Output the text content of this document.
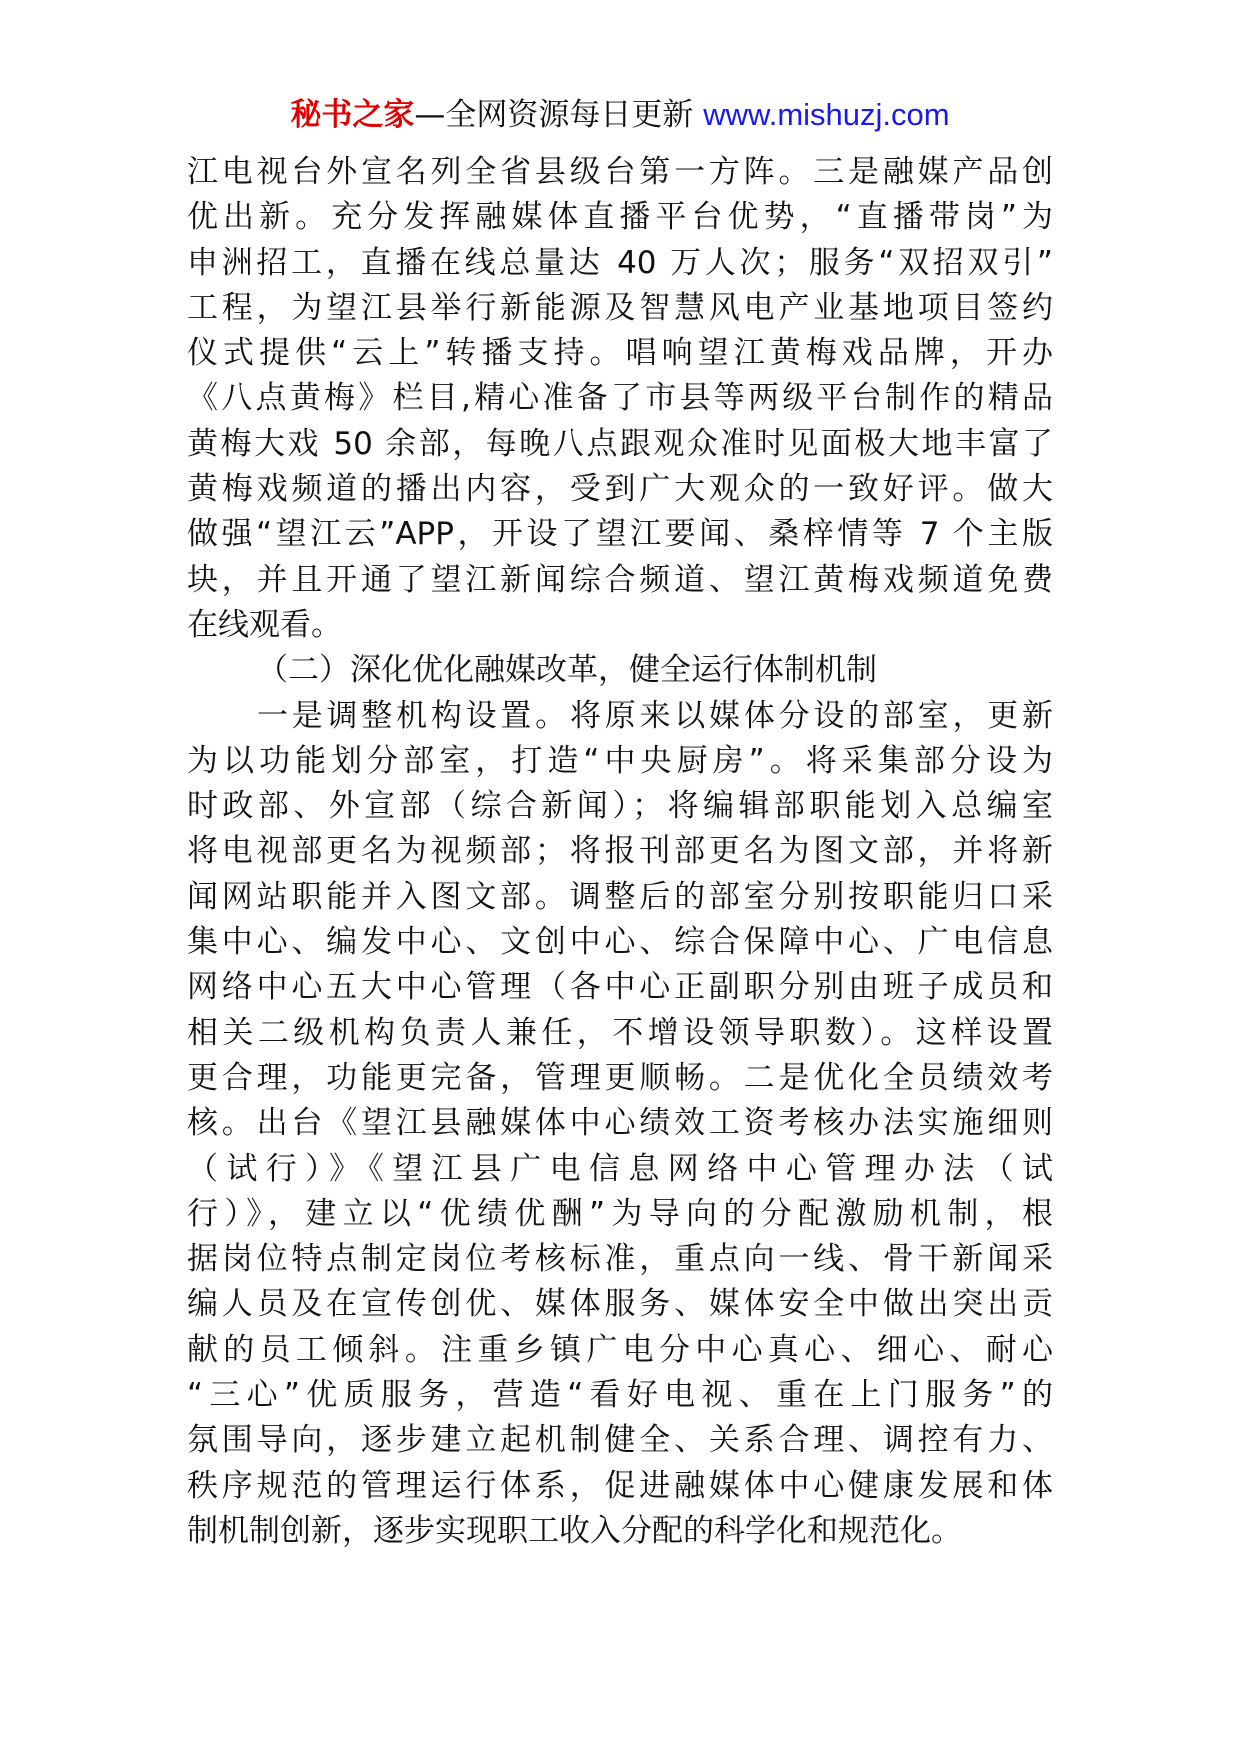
秘书之家—全网资源每日更新 www.mishuzj.com
江电视台外宣名列全省县级台第一方阵。三是融媒产品创
优出新。充分发挥融媒体直播平台优势，“直播带岗”为
申洲招工，直播在线总量达 40 万人次；服务“双招双引”
工程，为望江县举行新能源及智慧风电产业基地项目签约
仪式提供“云上”转播支持。唱响望江黄梅戏品牌，开办
《八点黄梅》栏目,精心准备了市县等两级平台制作的精品
黄梅大戏 50 余部，每晚八点跟观众准时见面极大地丰富了
黄梅戏频道的播出内容，受到广大观众的一致好评。做大
做强“望江云”APP，开设了望江要闻、桑梓情等 7 个主版
块，并且开通了望江新闻综合频道、望江黄梅戏频道免费
在线观看。
（二）深化优化融媒改革，健全运行体制机制
一是调整机构设置。将原来以媒体分设的部室，更新
为以功能划分部室，打造“中央厨房”。将采集部分设为
时政部、外宣部（综合新闻）；将编辑部职能划入总编室
将电视部更名为视频部；将报刊部更名为图文部，并将新
闻网站职能并入图文部。调整后的部室分别按职能归口采
集中心、编发中心、文创中心、综合保障中心、广电信息
网络中心五大中心管理（各中心正副职分别由班子成员和
相关二级机构负责人兼任，不增设领导职数）。这样设置
更合理，功能更完备，管理更顺畅。二是优化全员绩效考
核。出台《望江县融媒体中心绩效工资考核办法实施细则
（试行）》《望江县广电信息网络中心管理办法（试
行）》，建立以“优绩优酬”为导向的分配激励机制，根
据岗位特点制定岗位考核标准，重点向一线、骨干新闻采
编人员及在宣传创优、媒体服务、媒体安全中做出突出贡
献的员工倾斜。注重乡镇广电分中心真心、细心、耐心
“三心”优质服务，营造“看好电视、重在上门服务”的
氛围导向，逐步建立起机制健全、关系合理、调控有力、
秩序规范的管理运行体系，促进融媒体中心健康发展和体
制机制创新，逐步实现职工收入分配的科学化和规范化。
